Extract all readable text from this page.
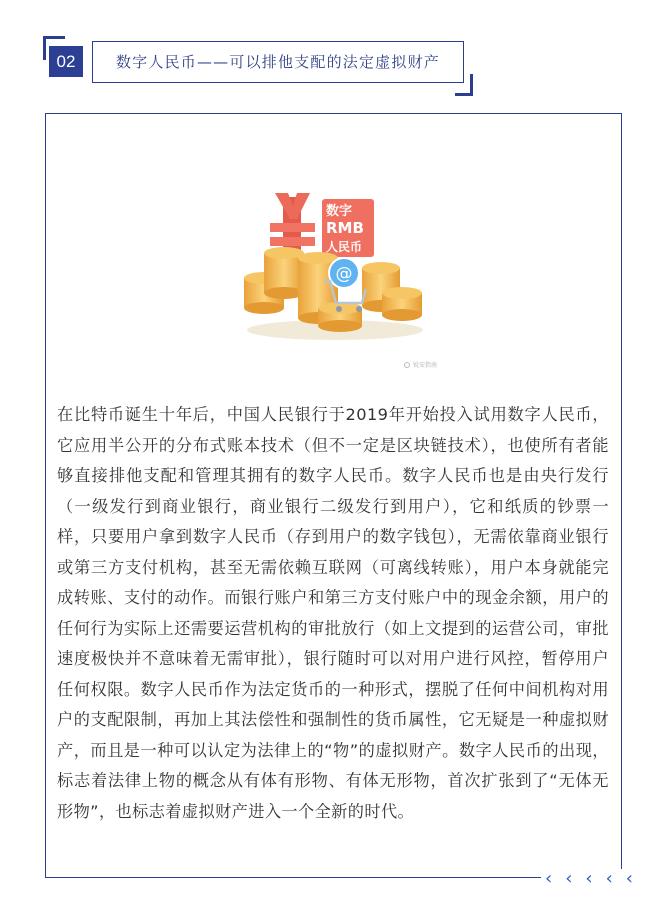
02	数字人民币——可以排他支配的法定虚拟财产
数字
RMB
人民币
@
锐安指南

在比特币诞生十年后，中国人民银行于2019年开始投入试用数字人民币，它应用半公开的分布式账本技术（但不一定是区块链技术），也使所有者能够直接排他支配和管理其拥有的数字人民币。数字人民币也是由央行发行（一级发行到商业银行，商业银行二级发行到用户），它和纸质的钞票一样，只要用户拿到数字人民币（存到用户的数字钱包），无需依靠商业银行或第三方支付机构，甚至无需依赖互联网（可离线转账），用户本身就能完成转账、支付的动作。而银行账户和第三方支付账户中的现金余额，用户的任何行为实际上还需要运营机构的审批放行（如上文提到的运营公司，审批速度极快并不意味着无需审批），银行随时可以对用户进行风控，暂停用户任何权限。数字人民币作为法定货币的一种形式，摆脱了任何中间机构对用户的支配限制，再加上其法偿性和强制性的货币属性，它无疑是一种虚拟财产，而且是一种可以认定为法律上的“物”的虚拟财产。数字人民币的出现，标志着法律上物的概念从有体有形物、有体无形物，首次扩张到了“无体无形物”，也标志着虚拟财产进入一个全新的时代。

‹ ‹ ‹ ‹ ‹
